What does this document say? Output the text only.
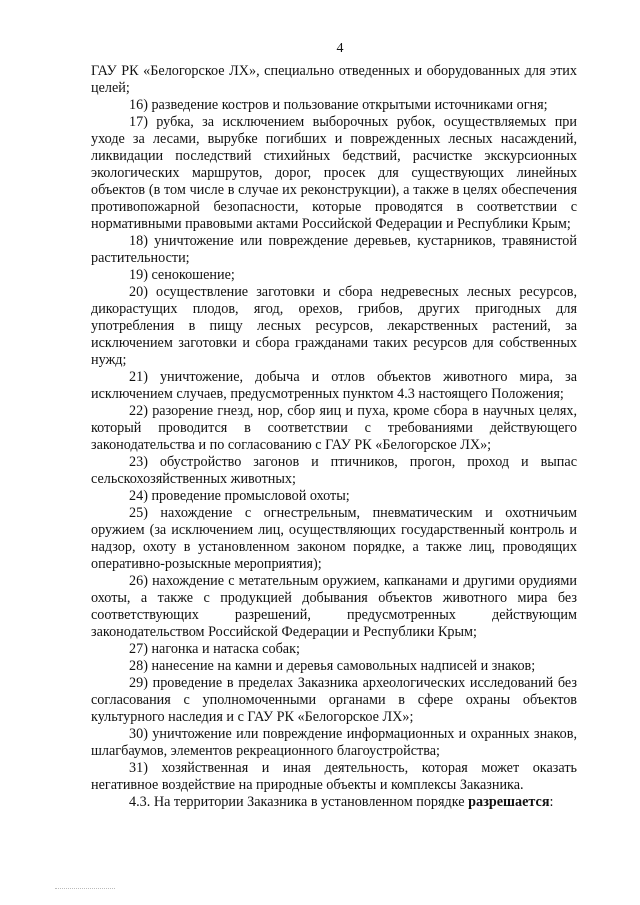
4

ГАУ РК «Белогорское ЛХ», специально отведенных и оборудованных для этих целей;

16) разведение костров и пользование открытыми источниками огня;

17) рубка, за исключением выборочных рубок, осуществляемых при уходе за лесами, вырубке погибших и поврежденных лесных насаждений, ликвидации последствий стихийных бедствий, расчистке экскурсионных экологических маршрутов, дорог, просек для существующих линейных объектов (в том числе в случае их реконструкции), а также в целях обеспечения противопожарной безопасности, которые проводятся в соответствии с нормативными правовыми актами Российской Федерации и Республики Крым;

18) уничтожение или повреждение деревьев, кустарников, травянистой растительности;

19) сенокошение;

20) осуществление заготовки и сбора недревесных лесных ресурсов, дикорастущих плодов, ягод, орехов, грибов, других пригодных для употребления в пищу лесных ресурсов, лекарственных растений, за исключением заготовки и сбора гражданами таких ресурсов для собственных нужд;

21) уничтожение, добыча и отлов объектов животного мира, за исключением случаев, предусмотренных пунктом 4.3 настоящего Положения;

22) разорение гнезд, нор, сбор яиц и пуха, кроме сбора в научных целях, который проводится в соответствии с требованиями действующего законодательства и по согласованию с ГАУ РК «Белогорское ЛХ»;

23) обустройство загонов и птичников, прогон, проход и выпас сельскохозяйственных животных;

24) проведение промысловой охоты;

25) нахождение с огнестрельным, пневматическим и охотничьим оружием (за исключением лиц, осуществляющих государственный контроль и надзор, охоту в установленном законом порядке, а также лиц, проводящих оперативно-розыскные мероприятия);

26) нахождение с метательным оружием, капканами и другими орудиями охоты, а также с продукцией добывания объектов животного мира без соответствующих разрешений, предусмотренных действующим законодательством Российской Федерации и Республики Крым;

27) нагонка и натаска собак;

28) нанесение на камни и деревья самовольных надписей и знаков;

29) проведение в пределах Заказника археологических исследований без согласования с уполномоченными органами в сфере охраны объектов культурного наследия и с ГАУ РК «Белогорское ЛХ»;

30) уничтожение или повреждение информационных и охранных знаков, шлагбаумов, элементов рекреационного благоустройства;

31) хозяйственная и иная деятельность, которая может оказать негативное воздействие на природные объекты и комплексы Заказника.

4.3. На территории Заказника в установленном порядке разрешается:
